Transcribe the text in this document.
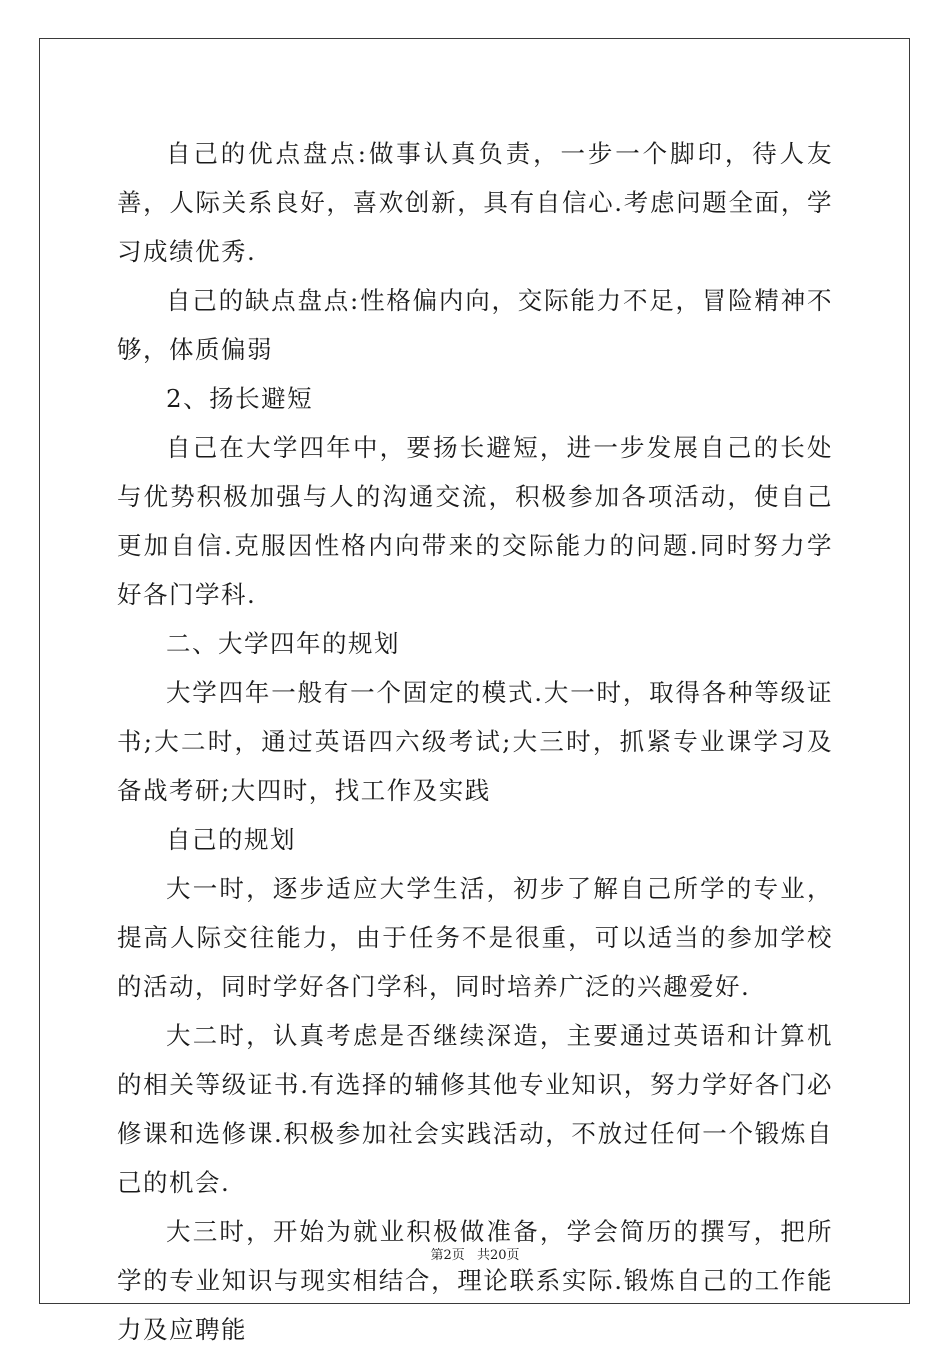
自己的优点盘点:做事认真负责，一步一个脚印，待人友善，人际关系良好，喜欢创新，具有自信心.考虑问题全面，学习成绩优秀.

自己的缺点盘点:性格偏内向，交际能力不足，冒险精神不够，体质偏弱

2、扬长避短

自己在大学四年中，要扬长避短，进一步发展自己的长处与优势积极加强与人的沟通交流，积极参加各项活动，使自己更加自信.克服因性格内向带来的交际能力的问题.同时努力学好各门学科.

二、大学四年的规划

大学四年一般有一个固定的模式.大一时，取得各种等级证书;大二时，通过英语四六级考试;大三时，抓紧专业课学习及备战考研;大四时，找工作及实践

自己的规划

大一时，逐步适应大学生活，初步了解自己所学的专业，提高人际交往能力，由于任务不是很重，可以适当的参加学校的活动，同时学好各门学科，同时培养广泛的兴趣爱好.

大二时，认真考虑是否继续深造，主要通过英语和计算机的相关等级证书.有选择的辅修其他专业知识，努力学好各门必修课和选修课.积极参加社会实践活动，不放过任何一个锻炼自己的机会.

大三时，开始为就业积极做准备，学会简历的撰写，把所学的专业知识与现实相结合，理论联系实际.锻炼自己的工作能力及应聘能

第2页 共20页
